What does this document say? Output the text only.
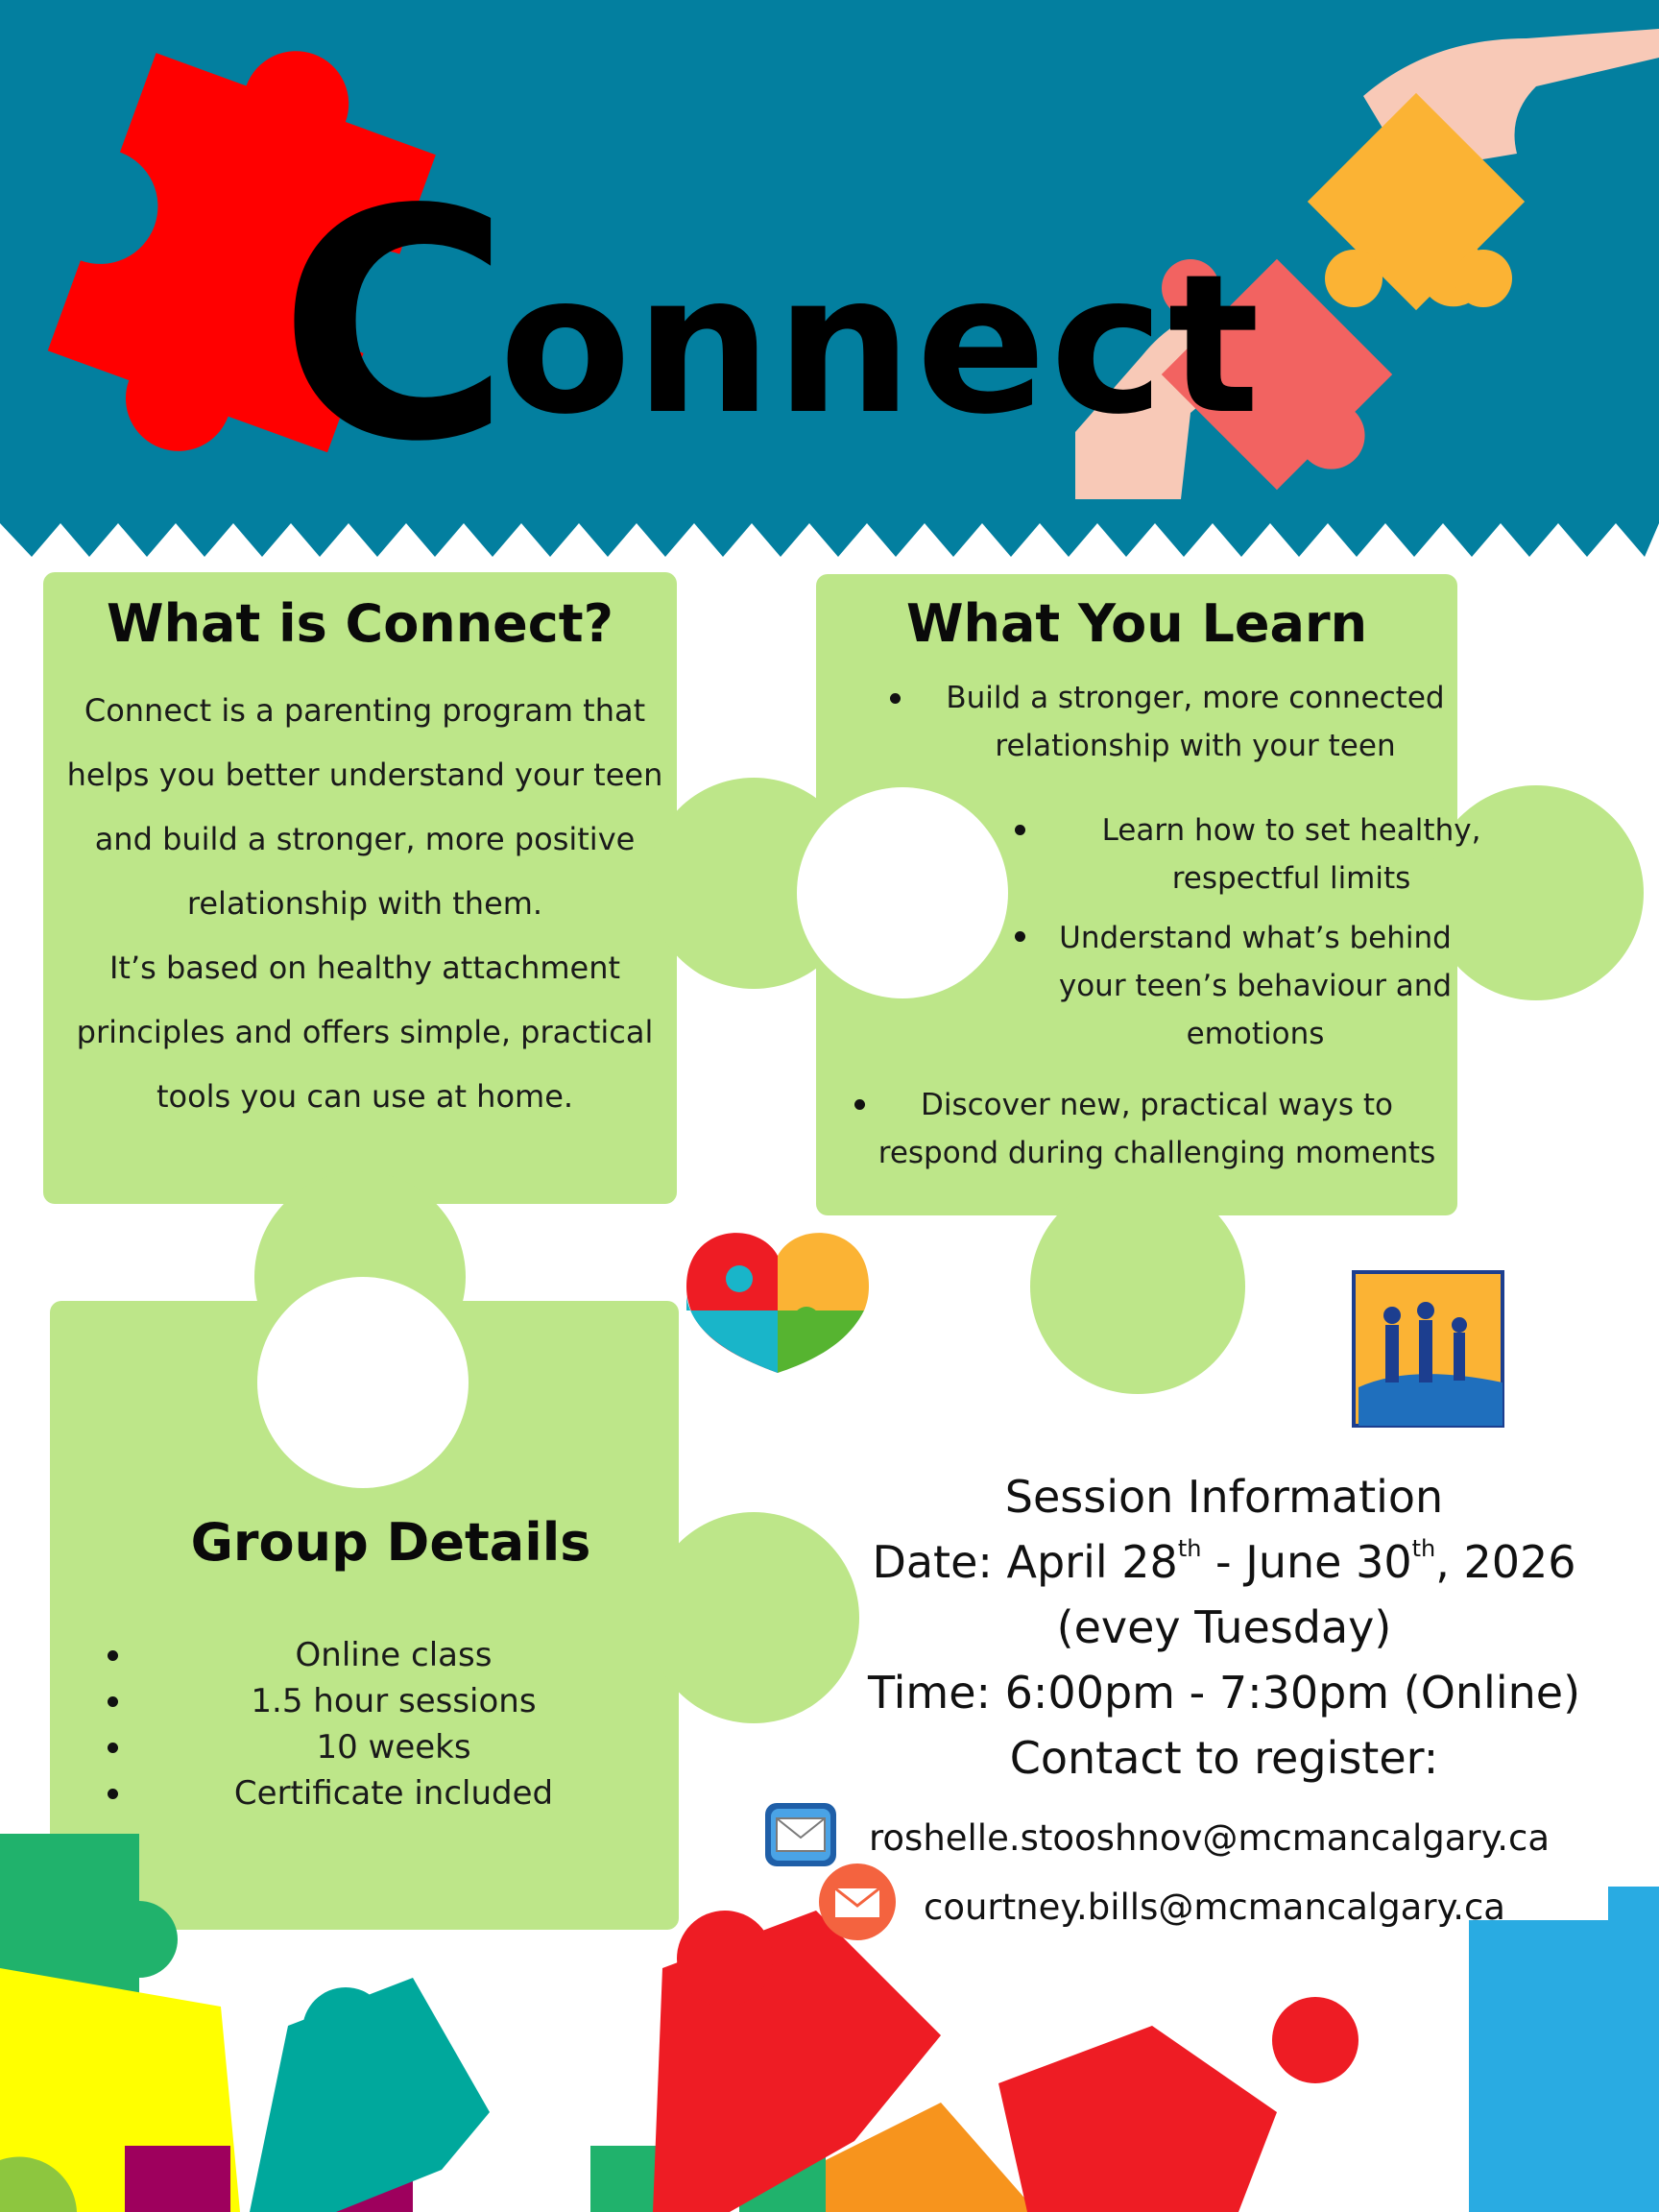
C
onnect
What is Connect?

Connect is a parenting program that helps you better understand your teen and build a stronger, more positive relationship with them.

It’s based on healthy attachment principles and offers simple, practical tools you can use at home.

What You Learn
Build a stronger, more connected relationship with your teen
Learn how to set healthy, respectful limits
Understand what’s behind your teen’s behaviour and emotions
Discover new, practical ways to respond during challenging moments
Group Details
Online class
1.5 hour sessions
10 weeks
Certificate included
Session Information
Date: April 28th - June 30th, 2026
(evey Tuesday)
Time: 6:00pm - 7:30pm (Online)
Contact to register:
roshelle.stooshnov@mcmancalgary.ca
courtney.bills@mcmancalgary.ca
